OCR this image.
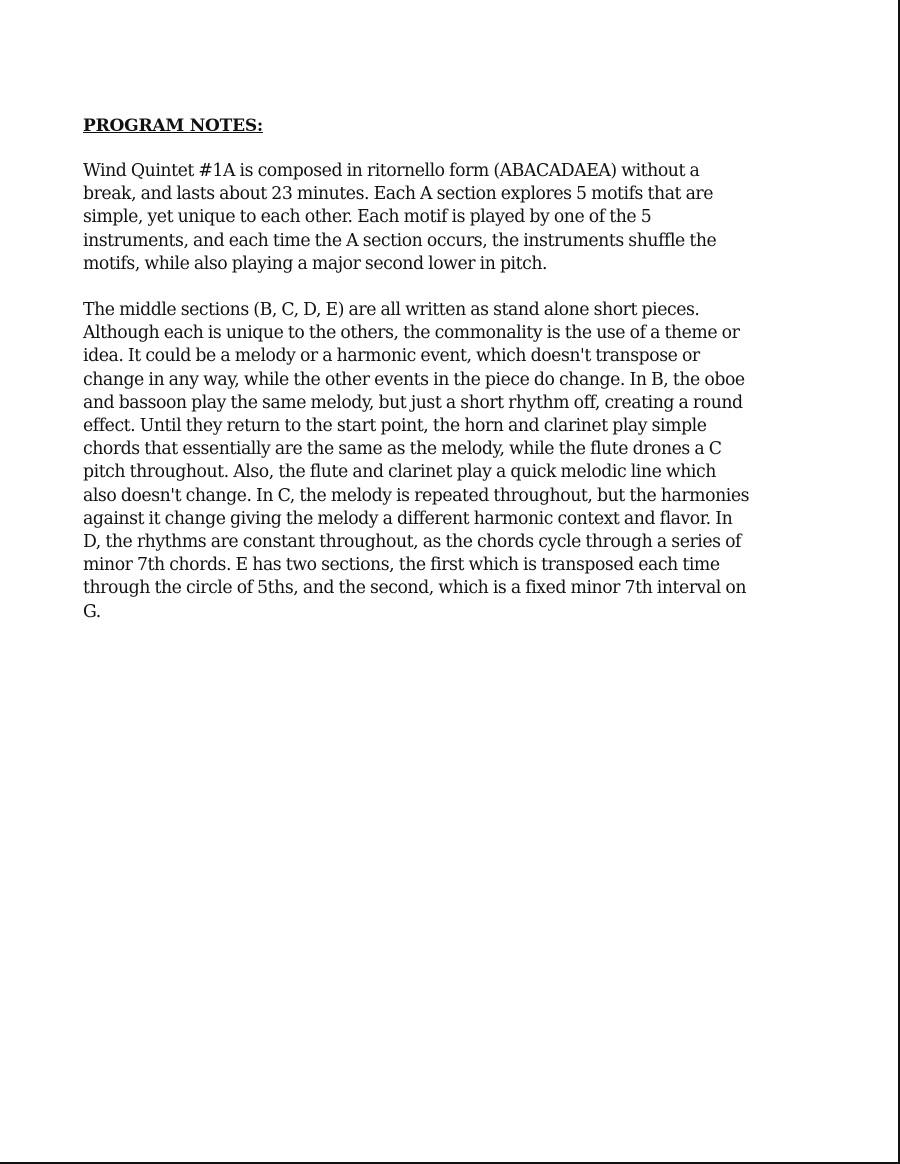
PROGRAM NOTES:
Wind Quintet #1A is composed in ritornello form (ABACADAEA) without a
break, and lasts about 23 minutes. Each A section explores 5 motifs that are
simple, yet unique to each other. Each motif is played by one of the 5
instruments, and each time the A section occurs, the instruments shuffle the
motifs, while also playing a major second lower in pitch.
The middle sections (B, C, D, E) are all written as stand alone short pieces.
Although each is unique to the others, the commonality is the use of a theme or
idea. It could be a melody or a harmonic event, which doesn't transpose or
change in any way, while the other events in the piece do change. In B, the oboe
and bassoon play the same melody, but just a short rhythm off, creating a round
effect. Until they return to the start point, the horn and clarinet play simple
chords that essentially are the same as the melody, while the flute drones a C
pitch throughout. Also, the flute and clarinet play a quick melodic line which
also doesn't change. In C, the melody is repeated throughout, but the harmonies
against it change giving the melody a different harmonic context and flavor. In
D, the rhythms are constant throughout, as the chords cycle through a series of
minor 7th chords. E has two sections, the first which is transposed each time
through the circle of 5ths, and the second, which is a fixed minor 7th interval on
G.
